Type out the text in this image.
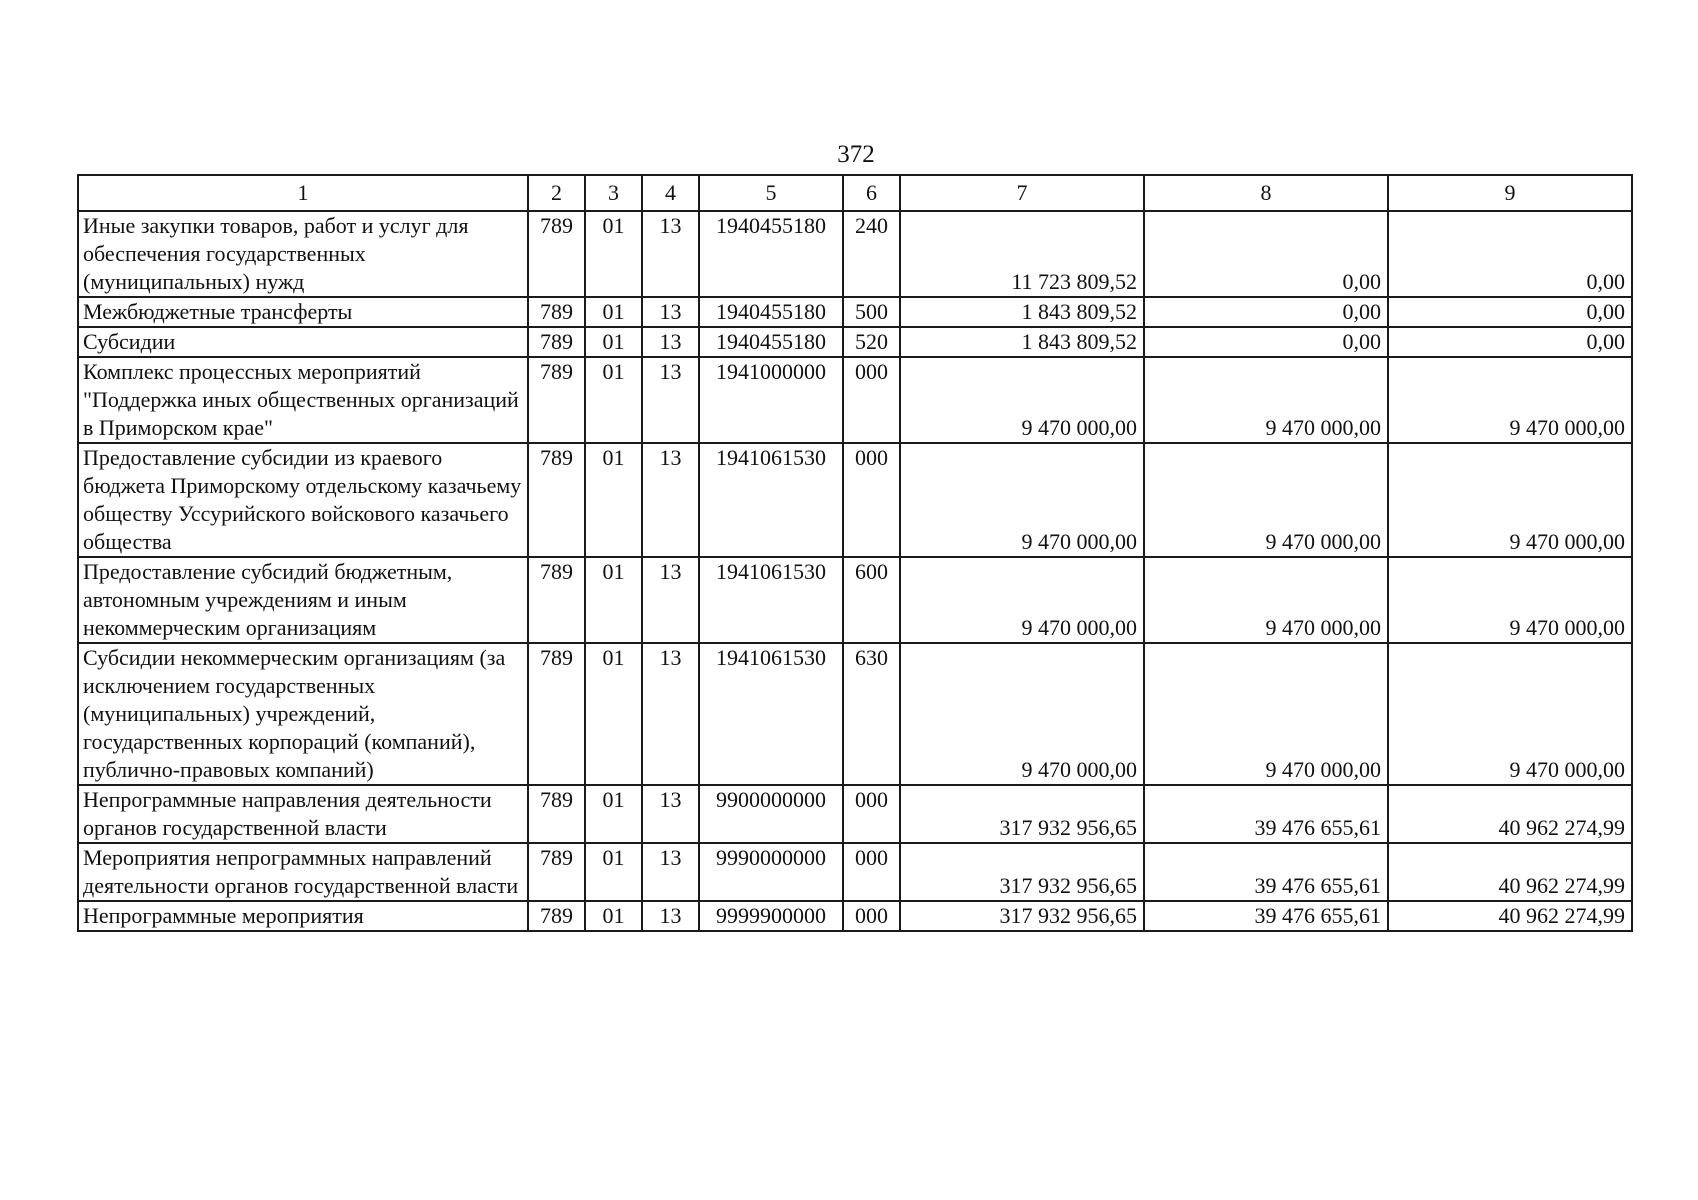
372
1	2	3	4	5	6	7	8	9
Иные закупки товаров, работ и услуг для обеспечения государственных (муниципальных) нужд	789	01	13	1940455180	240	11 723 809,52	0,00	0,00
Межбюджетные трансферты	789	01	13	1940455180	500	1 843 809,52	0,00	0,00
Субсидии	789	01	13	1940455180	520	1 843 809,52	0,00	0,00
Комплекс процессных мероприятий "Поддержка иных общественных организаций в Приморском крае"	789	01	13	1941000000	000	9 470 000,00	9 470 000,00	9 470 000,00
Предоставление субсидии из краевого бюджета Приморскому отдельскому казачьему обществу Уссурийского войскового казачьего общества	789	01	13	1941061530	000	9 470 000,00	9 470 000,00	9 470 000,00
Предоставление субсидий бюджетным, автономным учреждениям и иным некоммерческим организациям	789	01	13	1941061530	600	9 470 000,00	9 470 000,00	9 470 000,00
Субсидии некоммерческим организациям (за исключением государственных (муниципальных) учреждений, государственных корпораций (компаний), публично-правовых компаний)	789	01	13	1941061530	630	9 470 000,00	9 470 000,00	9 470 000,00
Непрограммные направления деятельности органов государственной власти	789	01	13	9900000000	000	317 932 956,65	39 476 655,61	40 962 274,99
Мероприятия непрограммных направлений деятельности органов государственной власти	789	01	13	9990000000	000	317 932 956,65	39 476 655,61	40 962 274,99
Непрограммные мероприятия	789	01	13	9999900000	000	317 932 956,65	39 476 655,61	40 962 274,99
